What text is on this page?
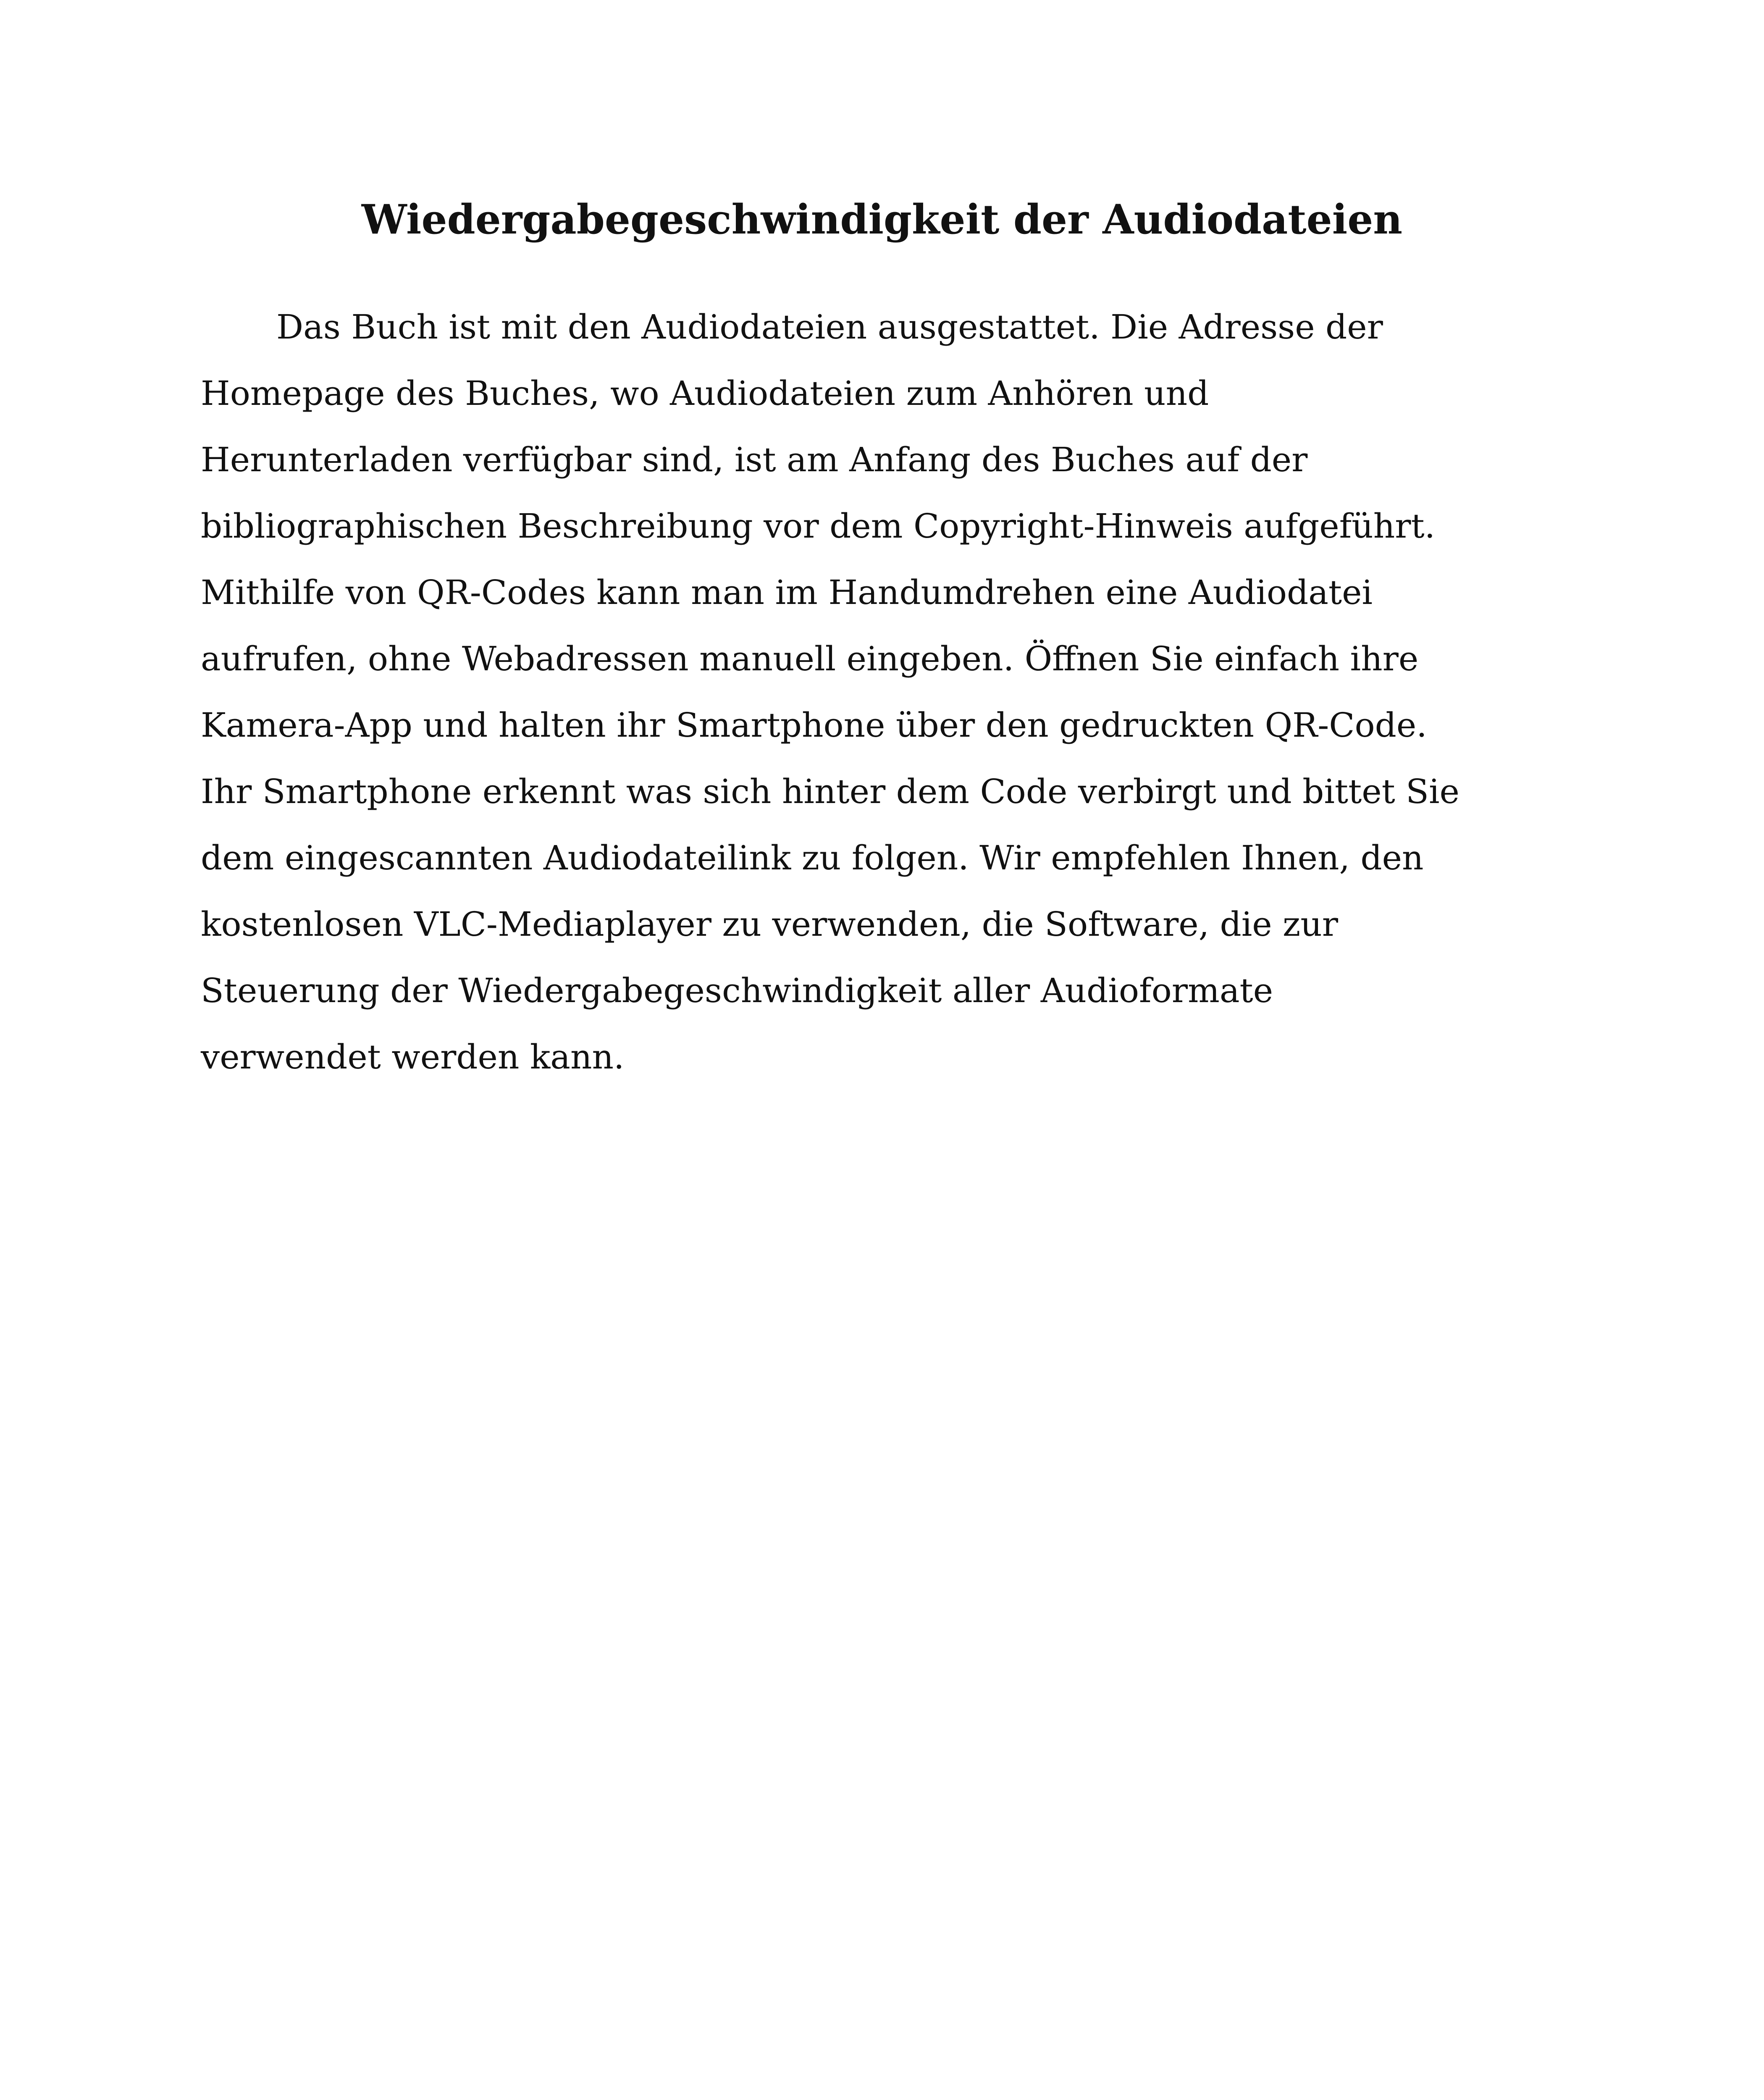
Wiedergabegeschwindigkeit der Audiodateien
Das Buch ist mit den Audiodateien ausgestattet. Die Adresse der
Homepage des Buches, wo Audiodateien zum Anhören und
Herunterladen verfügbar sind, ist am Anfang des Buches auf der
bibliographischen Beschreibung vor dem Copyright-Hinweis aufgeführt.
Mithilfe von QR-Codes kann man im Handumdrehen eine Audiodatei
aufrufen, ohne Webadressen manuell eingeben. Öffnen Sie einfach ihre
Kamera-App und halten ihr Smartphone über den gedruckten QR-Code.
Ihr Smartphone erkennt was sich hinter dem Code verbirgt und bittet Sie
dem eingescannten Audiodateilink zu folgen. Wir empfehlen Ihnen, den
kostenlosen VLC-Mediaplayer zu verwenden, die Software, die zur
Steuerung der Wiedergabegeschwindigkeit aller Audioformate
verwendet werden kann.
